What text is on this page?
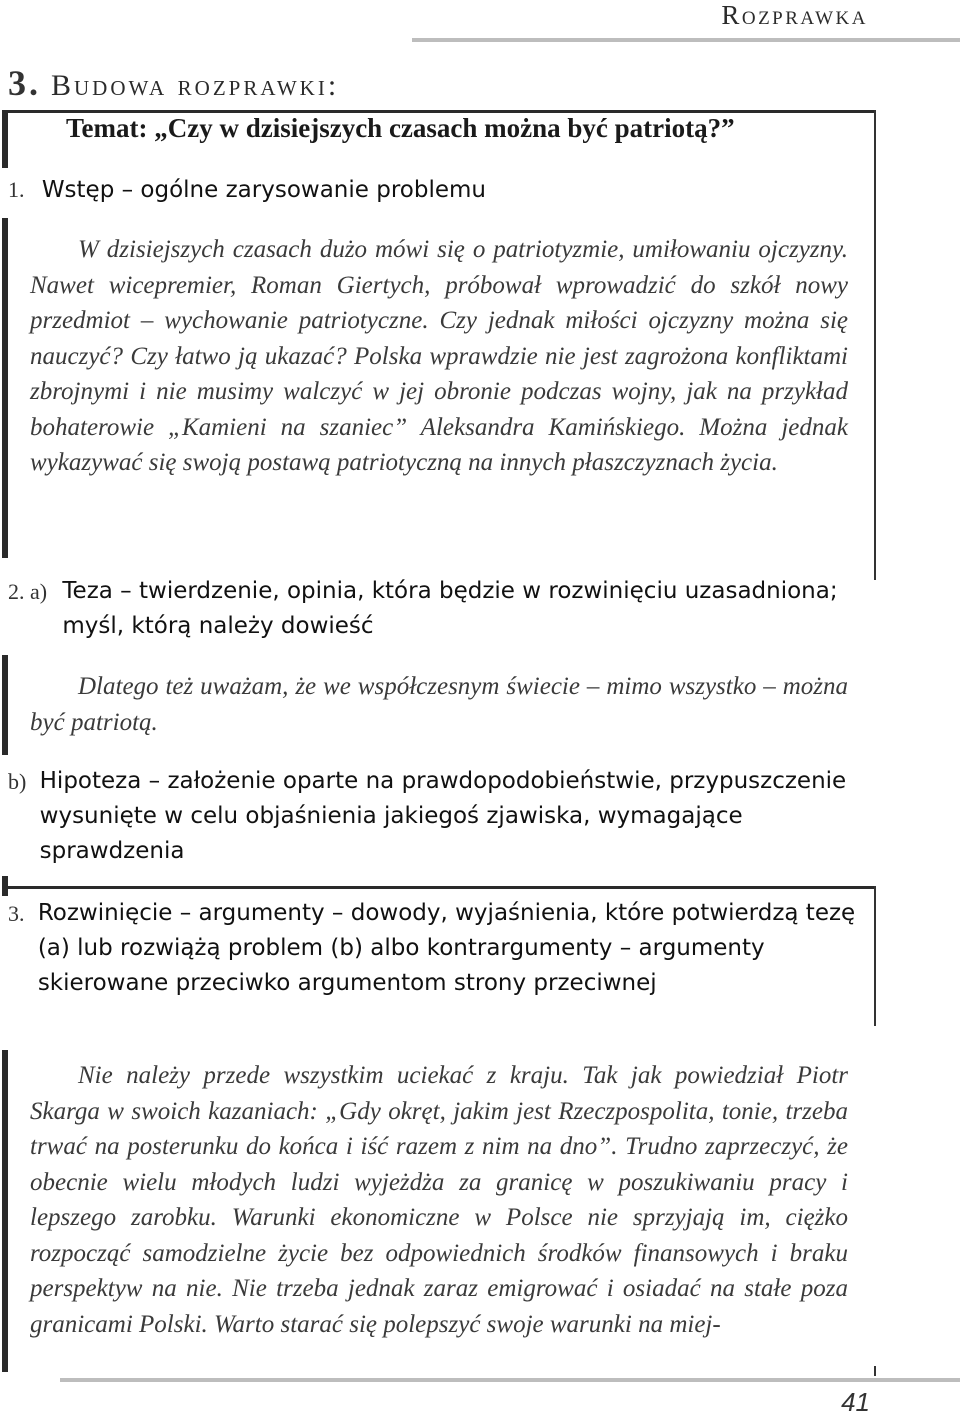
Rozprawka
3. Budowa rozprawki:
Temat: „Czy w dzisiejszych czasach można być patriotą?”
1. Wstęp – ogólne zarysowanie problemu

W dzisiejszych czasach dużo mówi się o patriotyzmie, umiłowaniu ojczyzny. Nawet wicepremier, Roman Giertych, próbował wprowadzić do szkół nowy przedmiot – wychowanie patriotyczne. Czy jednak miłości ojczyzny można się nauczyć? Czy łatwo ją ukazać? Polska wprawdzie nie jest zagrożona konfliktami zbrojnymi i nie musimy walczyć w jej obronie podczas wojny, jak na przykład bohaterowie „Kamieni na szaniec” Aleksandra Kamińskiego. Można jednak wykazywać się swoją postawą patriotyczną na innych płaszczyznach życia.

2. a) Teza – twierdzenie, opinia, która będzie w rozwinięciu uzasadniona; myśl, którą należy dowieść

Dlatego też uważam, że we współczesnym świecie – mimo wszystko – można być patriotą.

b) Hipoteza – założenie oparte na prawdopodobieństwie, przypuszczenie wysunięte w celu objaśnienia jakiegoś zjawiska, wymagające sprawdzenia
3. Rozwinięcie – argumenty – dowody, wyjaśnienia, które potwierdzą tezę (a) lub rozwiążą problem (b) albo kontrargumenty – argumenty skierowane przeciwko argumentom strony przeciwnej

Nie należy przede wszystkim uciekać z kraju. Tak jak powiedział Piotr Skarga w swoich kazaniach: „Gdy okręt, jakim jest Rzeczpospolita, tonie, trzeba trwać na posterunku do końca i iść razem z nim na dno”. Trudno zaprzeczyć, że obecnie wielu młodych ludzi wyjeżdża za granicę w poszukiwaniu pracy i lepszego zarobku. Warunki ekonomiczne w Polsce nie sprzyjają im, ciężko rozpocząć samodzielne życie bez odpowiednich środków finansowych i braku perspektyw na nie. Nie trzeba jednak zaraz emigrować i osiadać na stałe poza granicami Polski. Warto starać się polepszyć swoje warunki na miej-

41
